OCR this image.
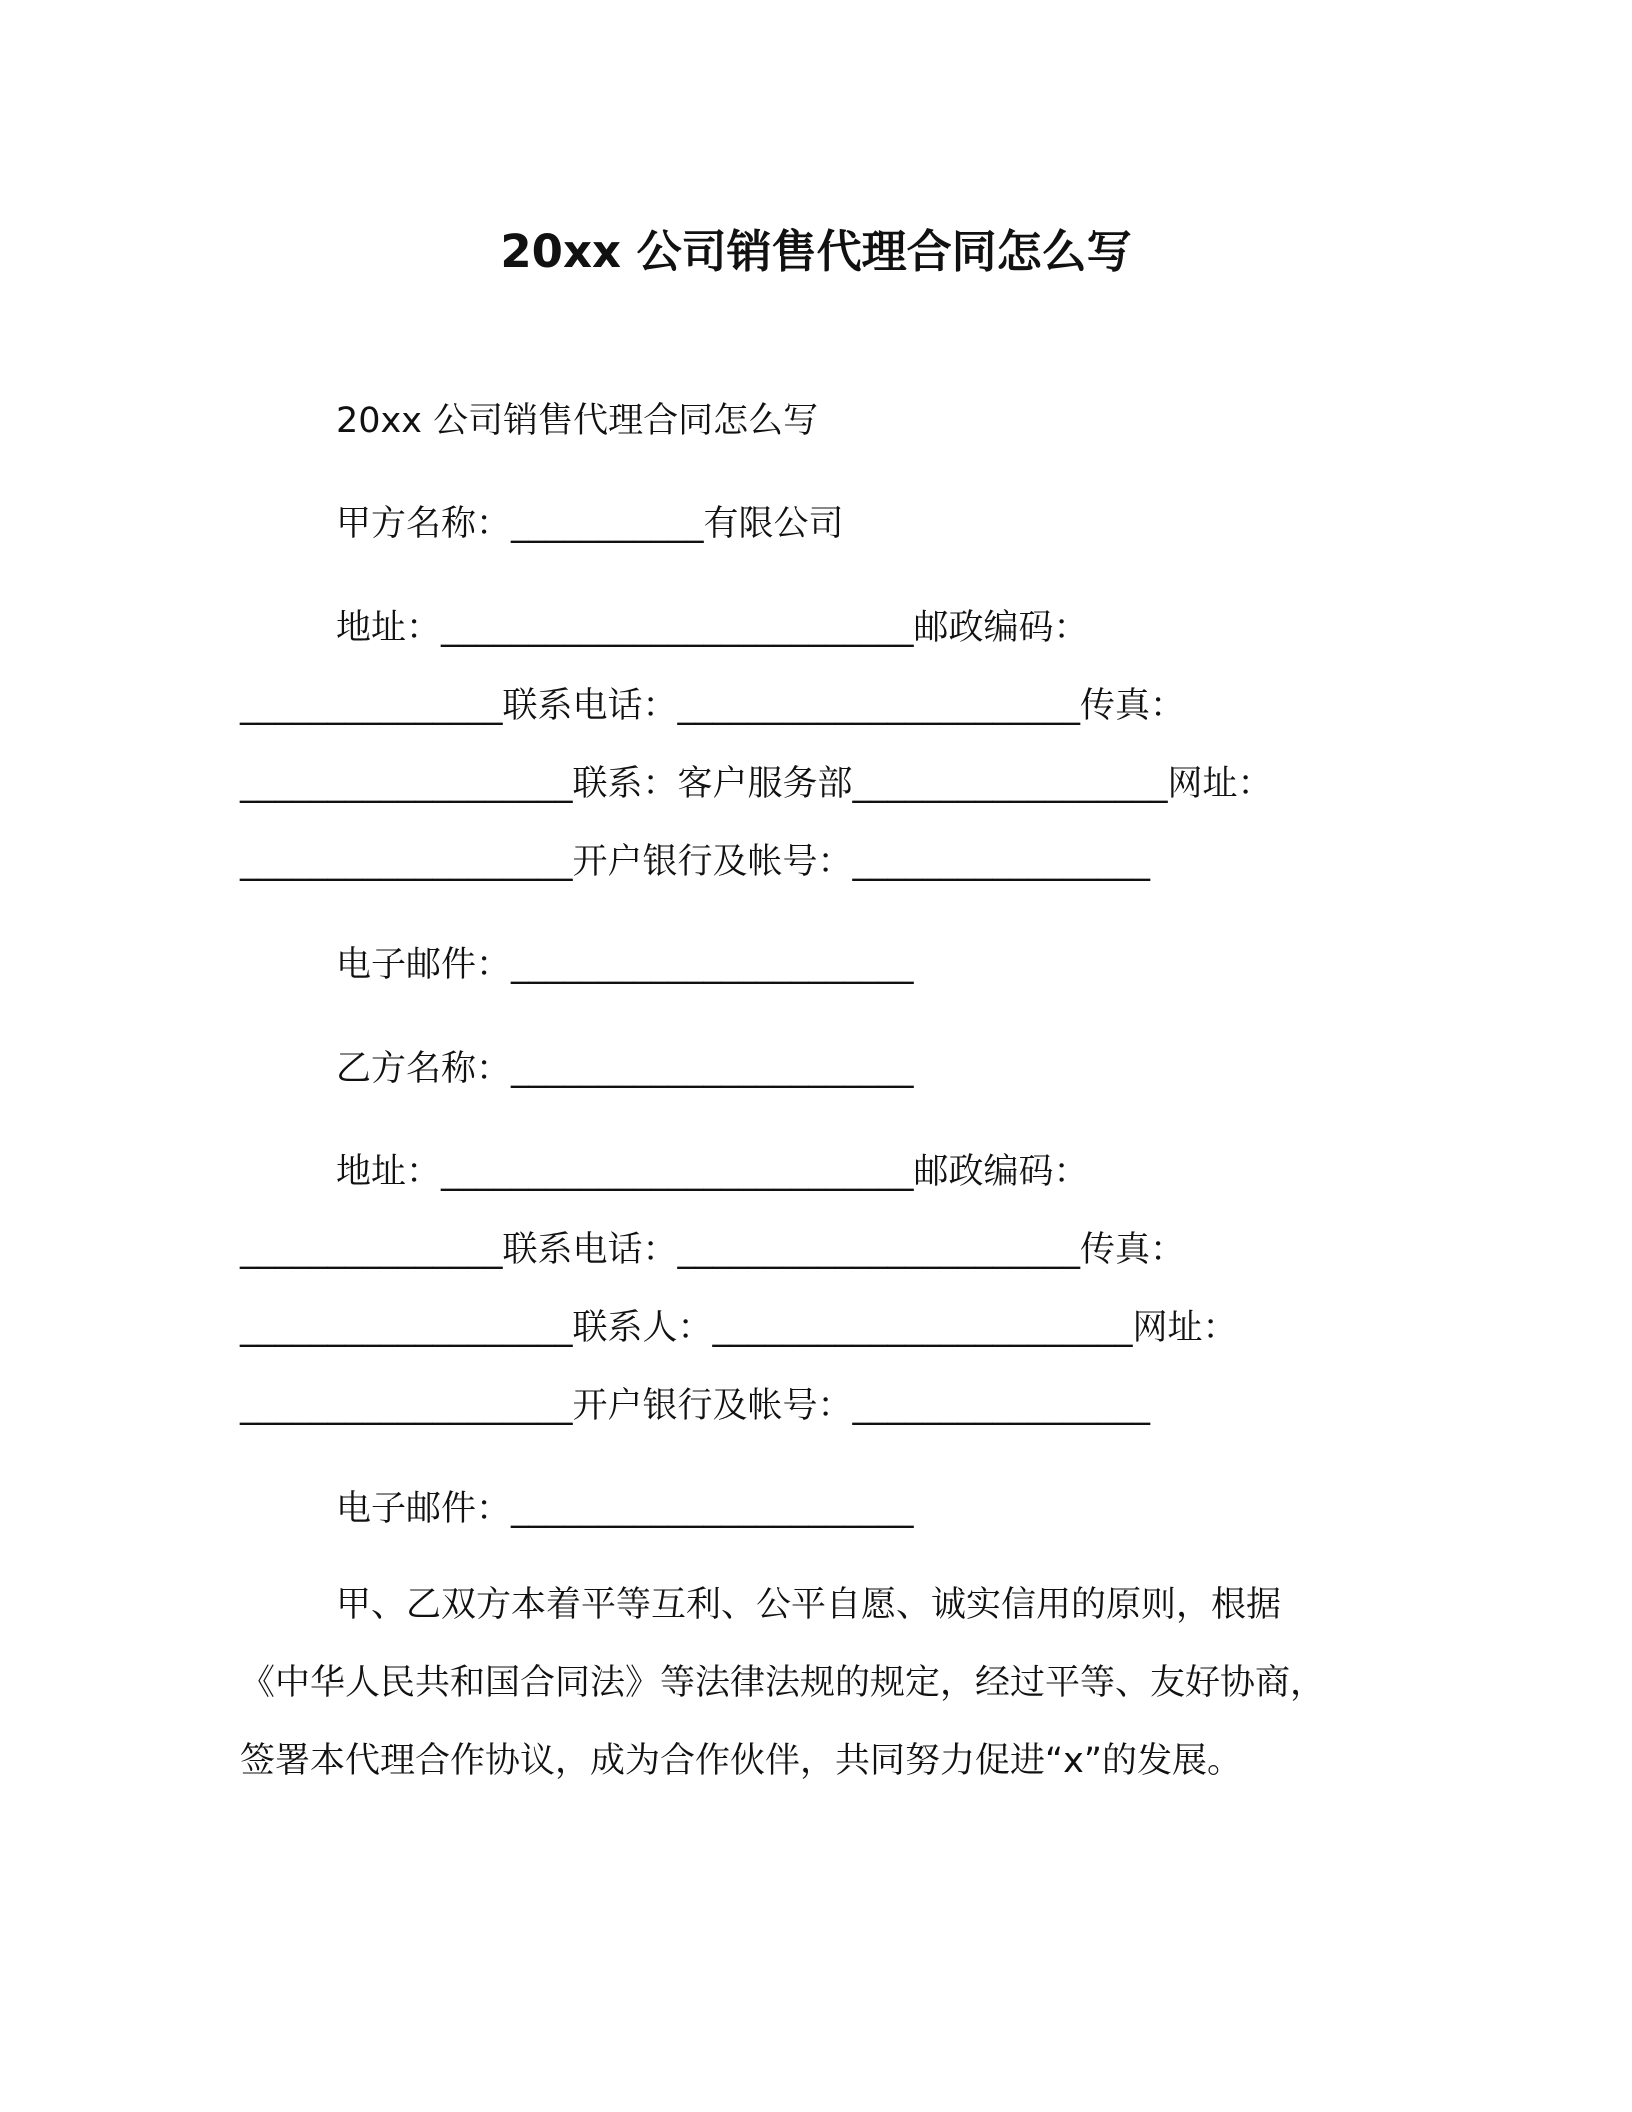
20xx 公司销售代理合同怎么写
20xx 公司销售代理合同怎么写
甲方名称：___________有限公司
地址：___________________________邮政编码：
_______________联系电话：_______________________传真：
___________________联系：客户服务部__________________网址：
___________________开户银行及帐号：_________________
电子邮件：_______________________
乙方名称：_______________________
地址：___________________________邮政编码：
_______________联系电话：_______________________传真：
___________________联系人：________________________网址：
___________________开户银行及帐号：_________________
电子邮件：_______________________
甲、乙双方本着平等互利、公平自愿、诚实信用的原则，根据
《中华人民共和国合同法》等法律法规的规定，经过平等、友好协商，
签署本代理合作协议，成为合作伙伴，共同努力促进“x”的发展。
